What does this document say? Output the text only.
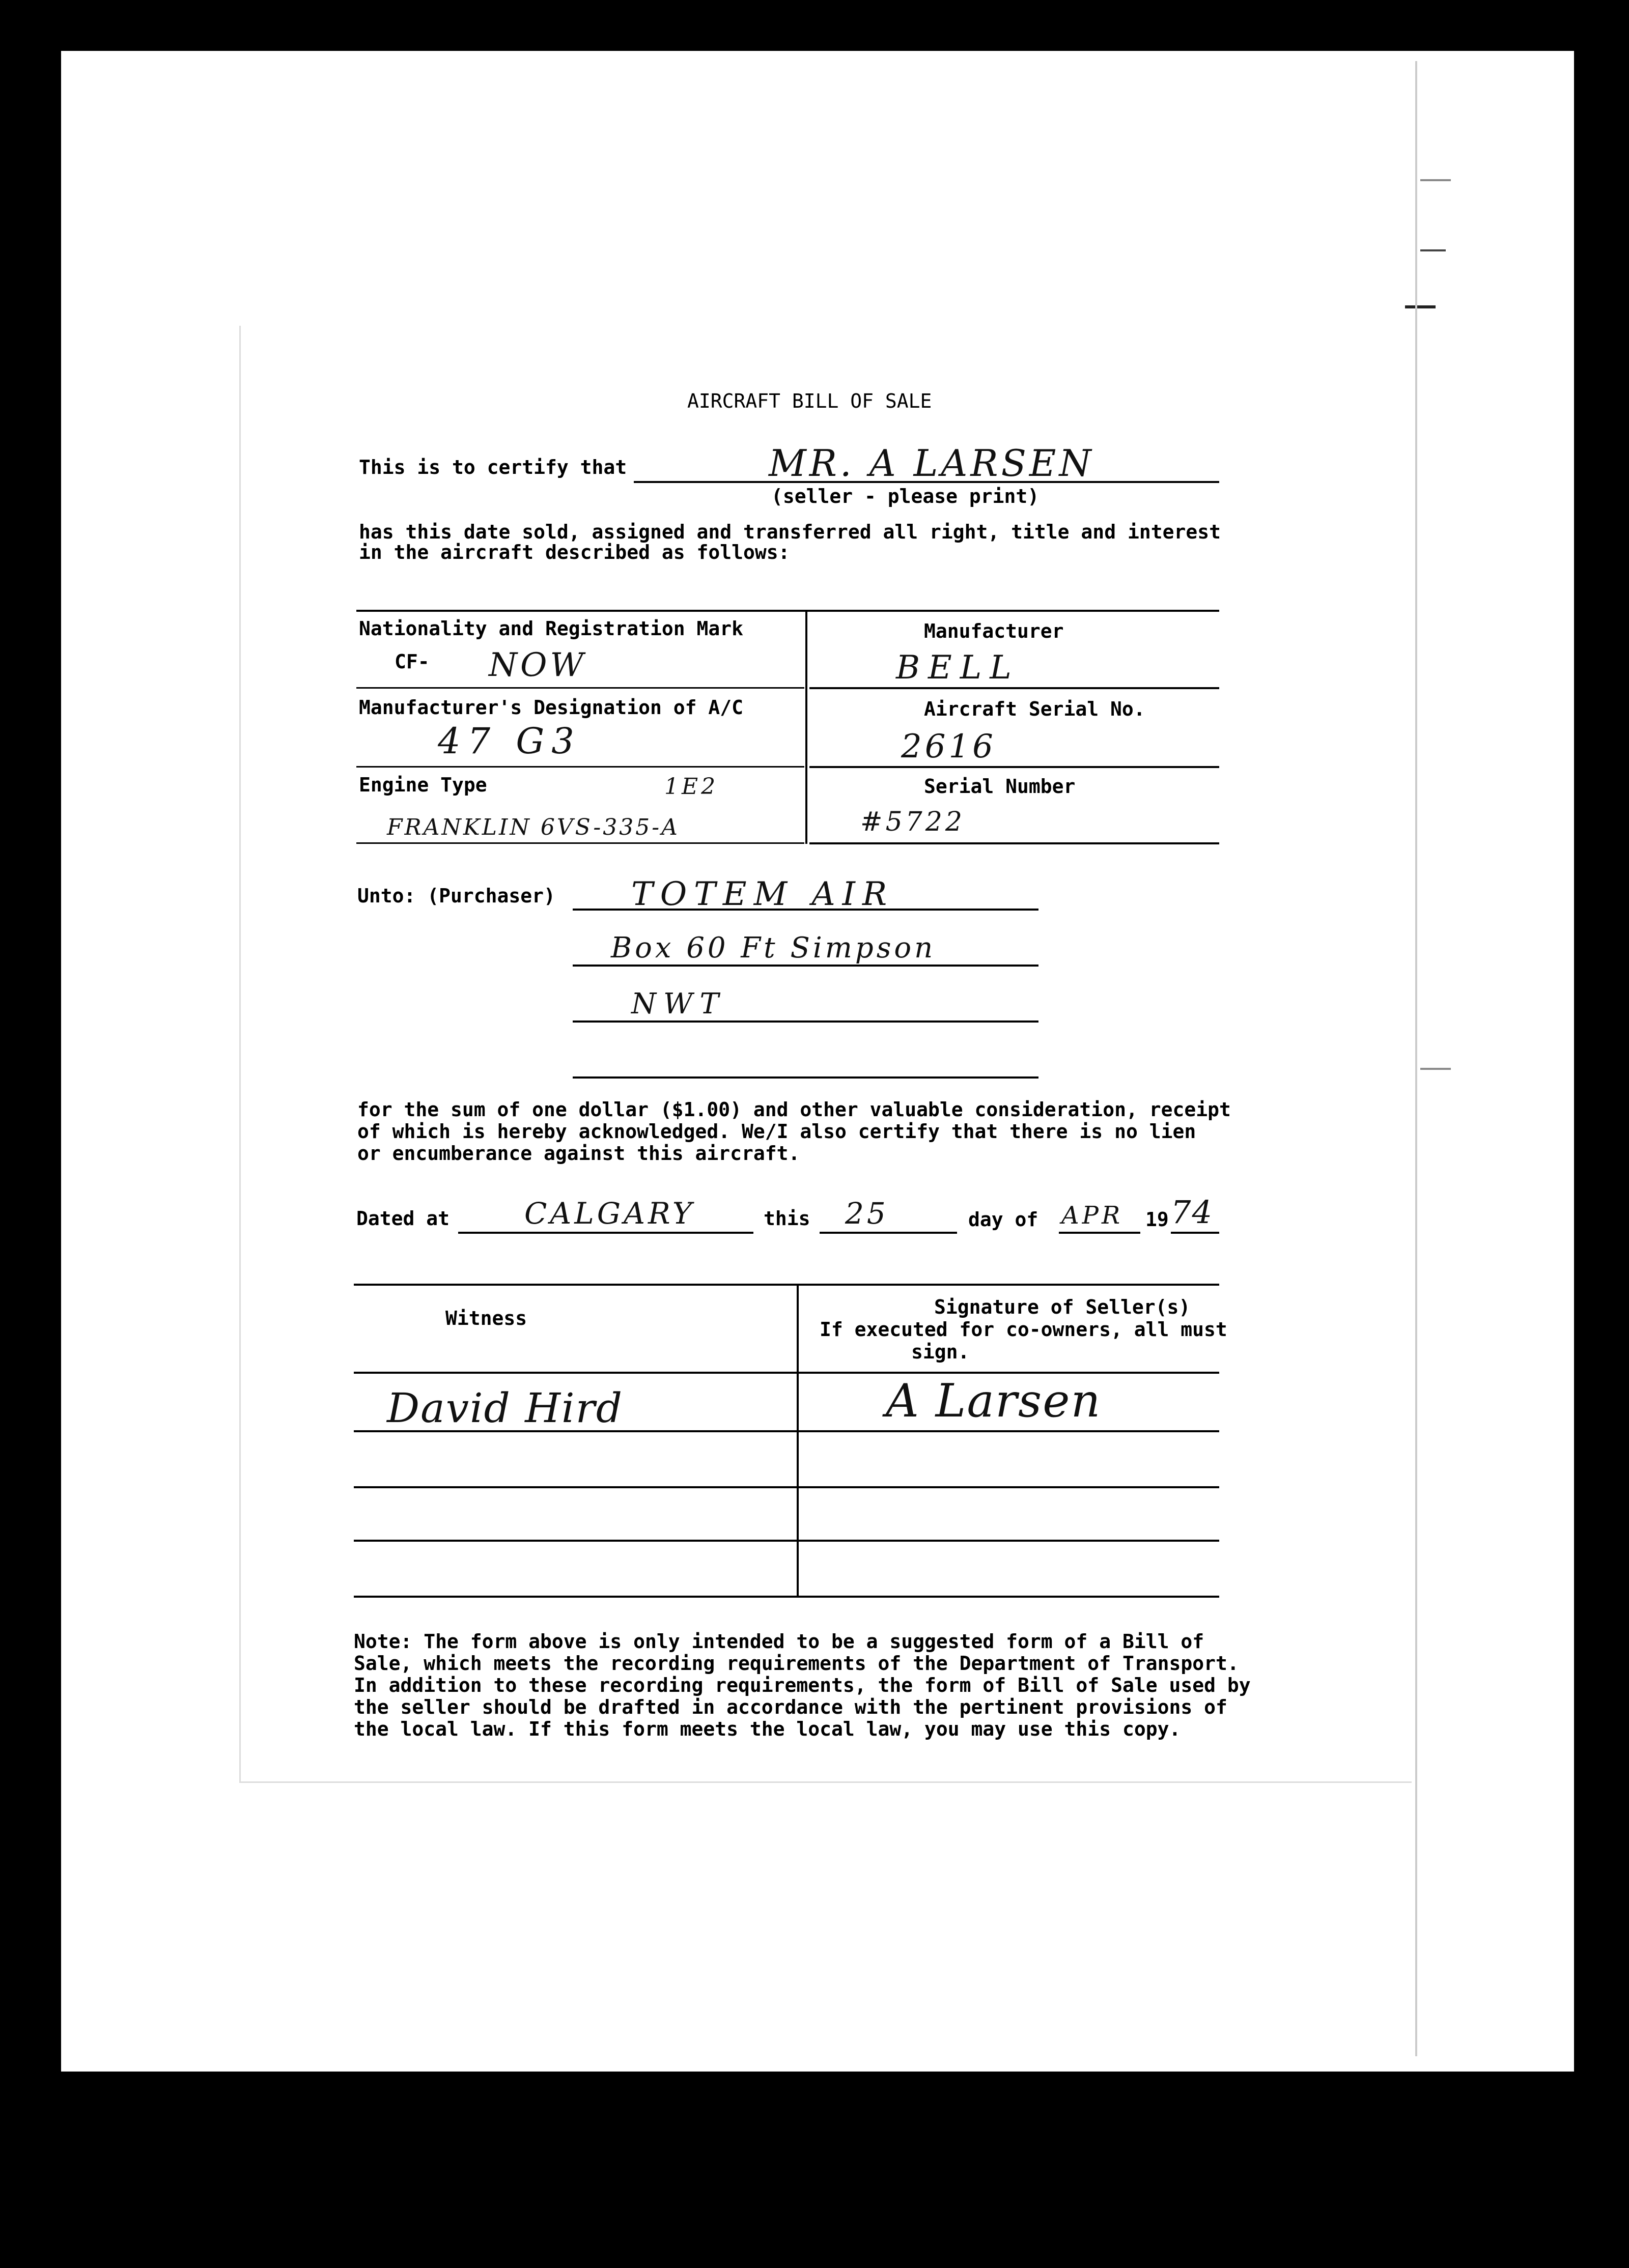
AIRCRAFT BILL OF SALE
This is to certify that	MR. A LARSEN
(seller - please print)
has this date sold, assigned and transferred all right, title and interest
in the aircraft described as follows:
Nationality and Registration Mark
CF- NOW
Manufacturer
BELL
Manufacturer's Designation of A/C
47 G3
Aircraft Serial No.
2616
Engine Type	1E2
FRANKLIN 6VS-335-A
Serial Number
#5722
Unto: (Purchaser) TOTEM AIR
Box 60 Ft Simpson
NWT
for the sum of one dollar ($1.00) and other valuable consideration, receipt
of which is hereby acknowledged. We/I also certify that there is no lien
or encumberance against this aircraft.
Dated at	CALGARY	this 25	day of APR 19 74
Witness	Signature of Seller(s)
If executed for co-owners, all must
sign.
David Hird	A Larsen
Note: The form above is only intended to be a suggested form of a Bill of
Sale, which meets the recording requirements of the Department of Transport.
In addition to these recording requirements, the form of Bill of Sale used by
the seller should be drafted in accordance with the pertinent provisions of
the local law. If this form meets the local law, you may use this copy.
